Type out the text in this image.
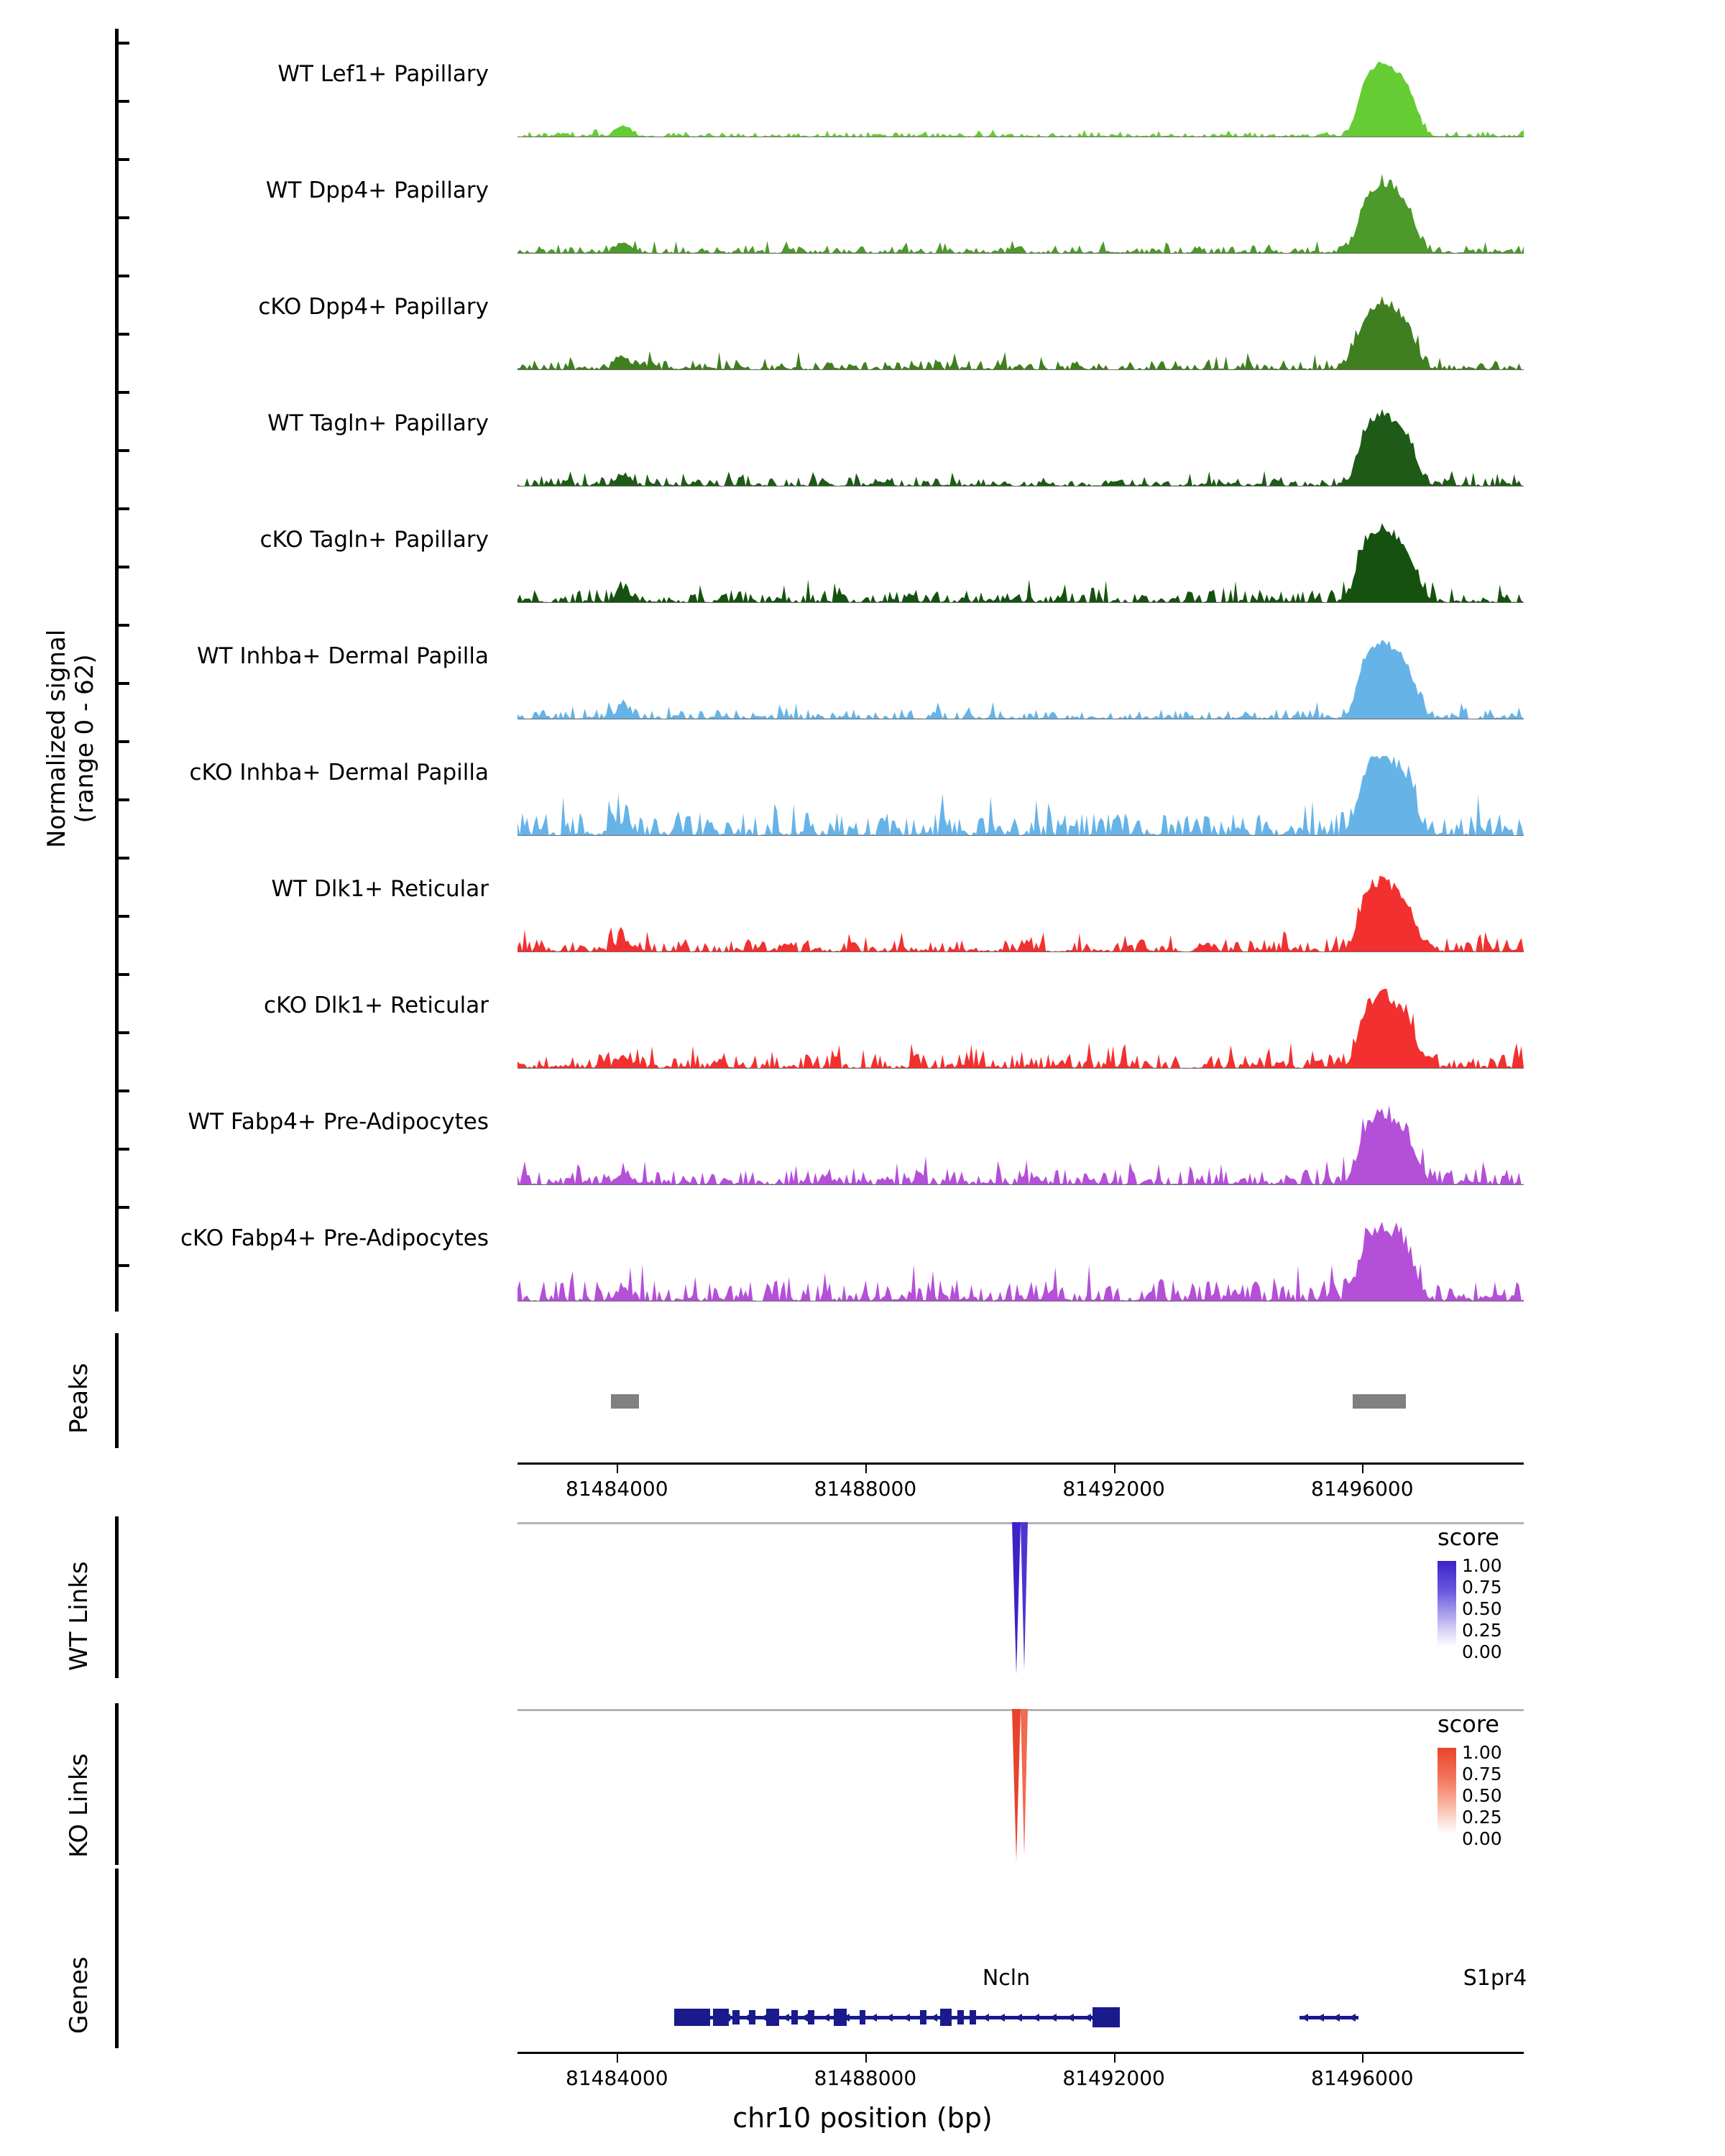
Normalized signal
(range 0 - 62)
WT Lef1+ Papillary
WT Dpp4+ Papillary
cKO Dpp4+ Papillary
WT Tagln+ Papillary
cKO Tagln+ Papillary
WT Inhba+ Dermal Papilla
cKO Inhba+ Dermal Papilla
WT Dlk1+ Reticular
cKO Dlk1+ Reticular
WT Fabp4+ Pre-Adipocytes
cKO Fabp4+ Pre-Adipocytes
Peaks
81484000	81488000	81492000	81496000
WT Links
score
1.00
0.75
0.50
0.25
0.00
KO Links
score
1.00
0.75
0.50
0.25
0.00
Genes	Ncln	S1pr4
81484000	81488000	81492000	81496000
chr10 position (bp)
